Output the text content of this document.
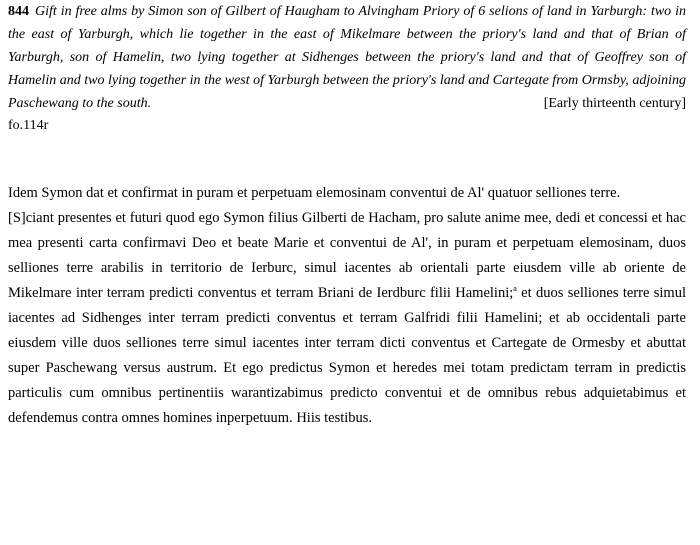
844 Gift in free alms by Simon son of Gilbert of Haugham to Alvingham Priory of 6 selions of land in Yarburgh: two in the east of Yarburgh, which lie together in the east of Mikelmare between the priory's land and that of Brian of Yarburgh, son of Hamelin, two lying together at Sidhenges between the priory's land and that of Geoffrey son of Hamelin and two lying together in the west of Yarburgh between the priory's land and Cartegate from Ormsby, adjoining Paschewang to the south.	[Early thirteenth century]
fo.114r

Idem Symon dat et confirmat in puram et perpetuam elemosinam conventui de Al' quatuor selliones terre.

[S]ciant presentes et futuri quod ego Symon filius Gilberti de Hacham, pro salute anime mee, dedi et concessi et hac mea presenti carta confirmavi Deo et beate Marie et conventui de Al', in puram et perpetuam elemosinam, duos selliones terre arabilis in territorio de Ierburc, simul iacentes ab orientali parte eiusdem ville ab oriente de Mikelmare inter terram predicti conventus et terram Briani de Ierdburc filii Hamelini;$^a$ et duos selliones terre simul iacentes ad Sidhenges inter terram predicti conventus et terram Galfridi filii Hamelini; et ab occidentali parte eiusdem ville duos selliones terre simul iacentes inter terram dicti conventus et Cartegate de Ormesby et abuttat super Paschewang versus austrum. Et ego predictus Symon et heredes mei totam predictam terram in predictis particulis cum omnibus pertinentiis warantizabimus predicto conventui et de omnibus rebus adquietabimus et defendemus contra omnes homines inperpetuum. Hiis testibus.
